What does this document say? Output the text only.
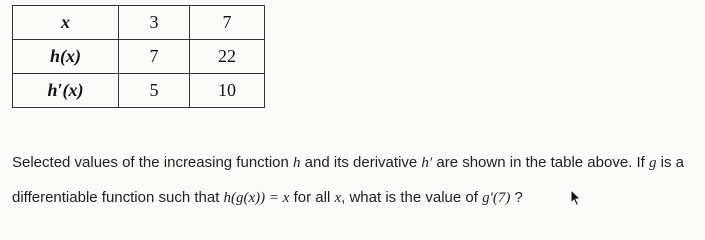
x	3	7
h(x)	7	22
h′(x)	5	10
Selected values of the increasing function h and its derivative h′ are shown in the table above. If g is a
differentiable function such that h(g(x)) = x for all x, what is the value of g′(7) ?
